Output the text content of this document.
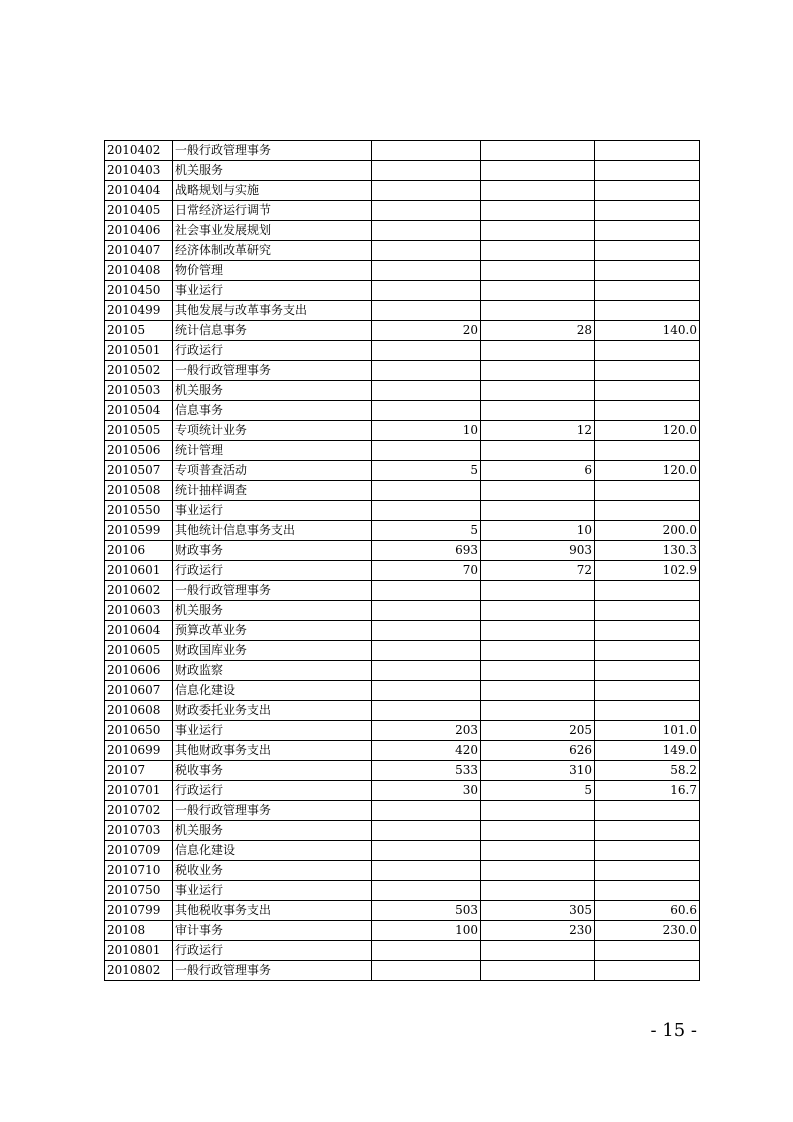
2010402	一般行政管理事务			
2010403	机关服务			
2010404	战略规划与实施			
2010405	日常经济运行调节			
2010406	社会事业发展规划			
2010407	经济体制改革研究			
2010408	物价管理			
2010450	事业运行			
2010499	其他发展与改革事务支出			
20105	统计信息事务	20	28	140.0
2010501	行政运行			
2010502	一般行政管理事务			
2010503	机关服务			
2010504	信息事务			
2010505	专项统计业务	10	12	120.0
2010506	统计管理			
2010507	专项普查活动	5	6	120.0
2010508	统计抽样调查			
2010550	事业运行			
2010599	其他统计信息事务支出	5	10	200.0
20106	财政事务	693	903	130.3
2010601	行政运行	70	72	102.9
2010602	一般行政管理事务			
2010603	机关服务			
2010604	预算改革业务			
2010605	财政国库业务			
2010606	财政监察			
2010607	信息化建设			
2010608	财政委托业务支出			
2010650	事业运行	203	205	101.0
2010699	其他财政事务支出	420	626	149.0
20107	税收事务	533	310	58.2
2010701	行政运行	30	5	16.7
2010702	一般行政管理事务			
2010703	机关服务			
2010709	信息化建设			
2010710	税收业务			
2010750	事业运行			
2010799	其他税收事务支出	503	305	60.6
20108	审计事务	100	230	230.0
2010801	行政运行			
2010802	一般行政管理事务			
- 15 -
